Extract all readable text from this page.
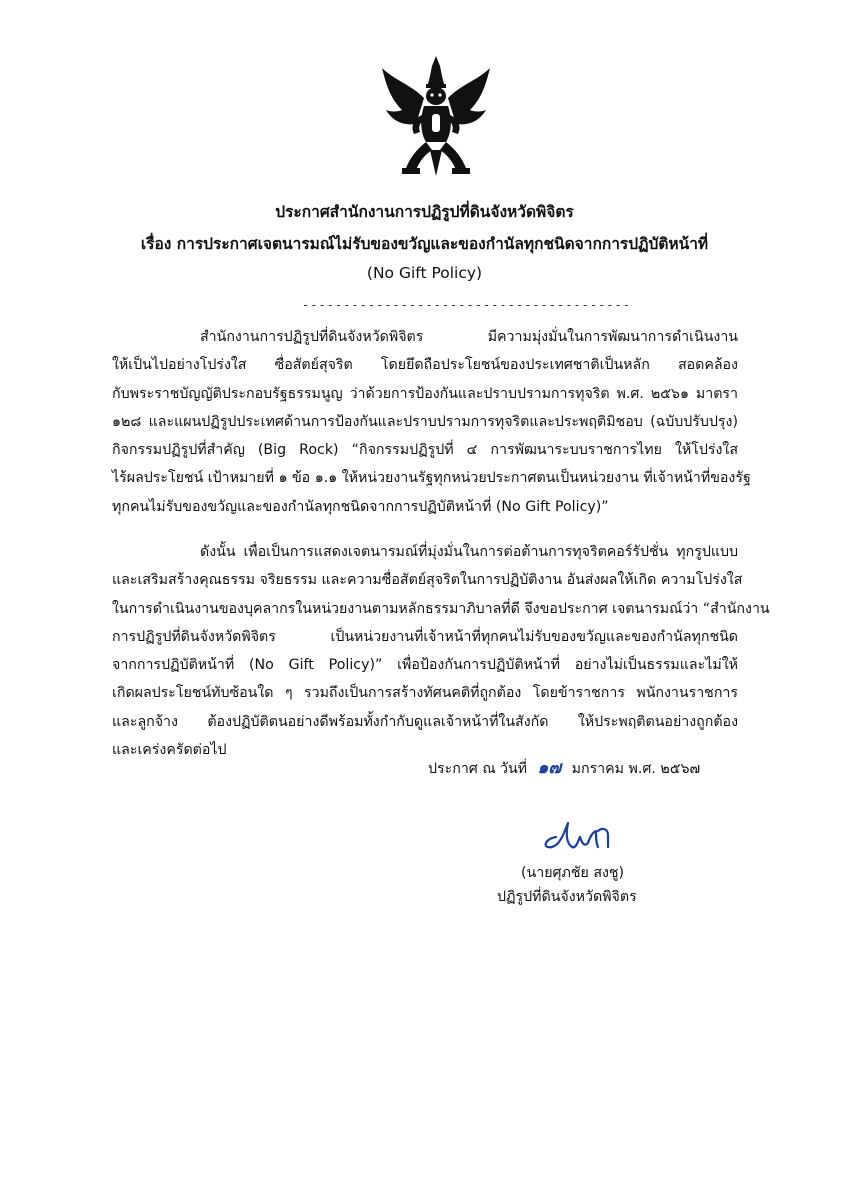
ประกาศสำนักงานการปฏิรูปที่ดินจังหวัดพิจิตร
เรื่อง การประกาศเจตนารมณ์ไม่รับของขวัญและของกำนัลทุกชนิดจากการปฏิบัติหน้าที่
(No Gift Policy)
----------------------------------------
สำนักงานการปฏิรูปที่ดินจังหวัดพิจิตร มีความมุ่งมั่นในการพัฒนาการดำเนินงาน
ให้เป็นไปอย่างโปร่งใส ซื่อสัตย์สุจริต โดยยึดถือประโยชน์ของประเทศชาติเป็นหลัก สอดคล้อง
กับพระราชบัญญัติประกอบรัฐธรรมนูญ ว่าด้วยการป้องกันและปราบปรามการทุจริต พ.ศ. ๒๕๖๑ มาตรา
๑๒๘ และแผนปฏิรูปประเทศด้านการป้องกันและปราบปรามการทุจริตและประพฤติมิชอบ (ฉบับปรับปรุง)
กิจกรรมปฏิรูปที่สำคัญ (Big Rock) “กิจกรรมปฏิรูปที่ ๔ การพัฒนาระบบราชการไทย ให้โปร่งใส
ไร้ผลประโยชน์ เป้าหมายที่ ๑ ข้อ ๑.๑ ให้หน่วยงานรัฐทุกหน่วยประกาศตนเป็นหน่วยงาน ที่เจ้าหน้าที่ของรัฐ
ทุกคนไม่รับของขวัญและของกำนัลทุกชนิดจากการปฏิบัติหน้าที่ (No Gift Policy)”
ดังนั้น เพื่อเป็นการแสดงเจตนารมณ์ที่มุ่งมั่นในการต่อต้านการทุจริตคอร์รัปชั่น ทุกรูปแบบ
และเสริมสร้างคุณธรรม จริยธรรม และความซื่อสัตย์สุจริตในการปฏิบัติงาน อันส่งผลให้เกิด ความโปร่งใส
ในการดำเนินงานของบุคลากรในหน่วยงานตามหลักธรรมาภิบาลที่ดี จึงขอประกาศ เจตนารมณ์ว่า “สำนักงาน
การปฏิรูปที่ดินจังหวัดพิจิตร เป็นหน่วยงานที่เจ้าหน้าที่ทุกคนไม่รับของขวัญและของกำนัลทุกชนิด
จากการปฏิบัติหน้าที่ (No Gift Policy)” เพื่อป้องกันการปฏิบัติหน้าที่ อย่างไม่เป็นธรรมและไม่ให้
เกิดผลประโยชน์ทับซ้อนใด ๆ รวมถึงเป็นการสร้างทัศนคติที่ถูกต้อง โดยข้าราชการ พนักงานราชการ
และลูกจ้าง ต้องปฏิบัติตนอย่างดีพร้อมทั้งกำกับดูแลเจ้าหน้าที่ในสังกัด ให้ประพฤติตนอย่างถูกต้อง
และเคร่งครัดต่อไป
ประกาศ ณ วันที่ ๑๗ มกราคม พ.ศ. ๒๕๖๗
(นายศุภชัย สงชู)
ปฏิรูปที่ดินจังหวัดพิจิตร
